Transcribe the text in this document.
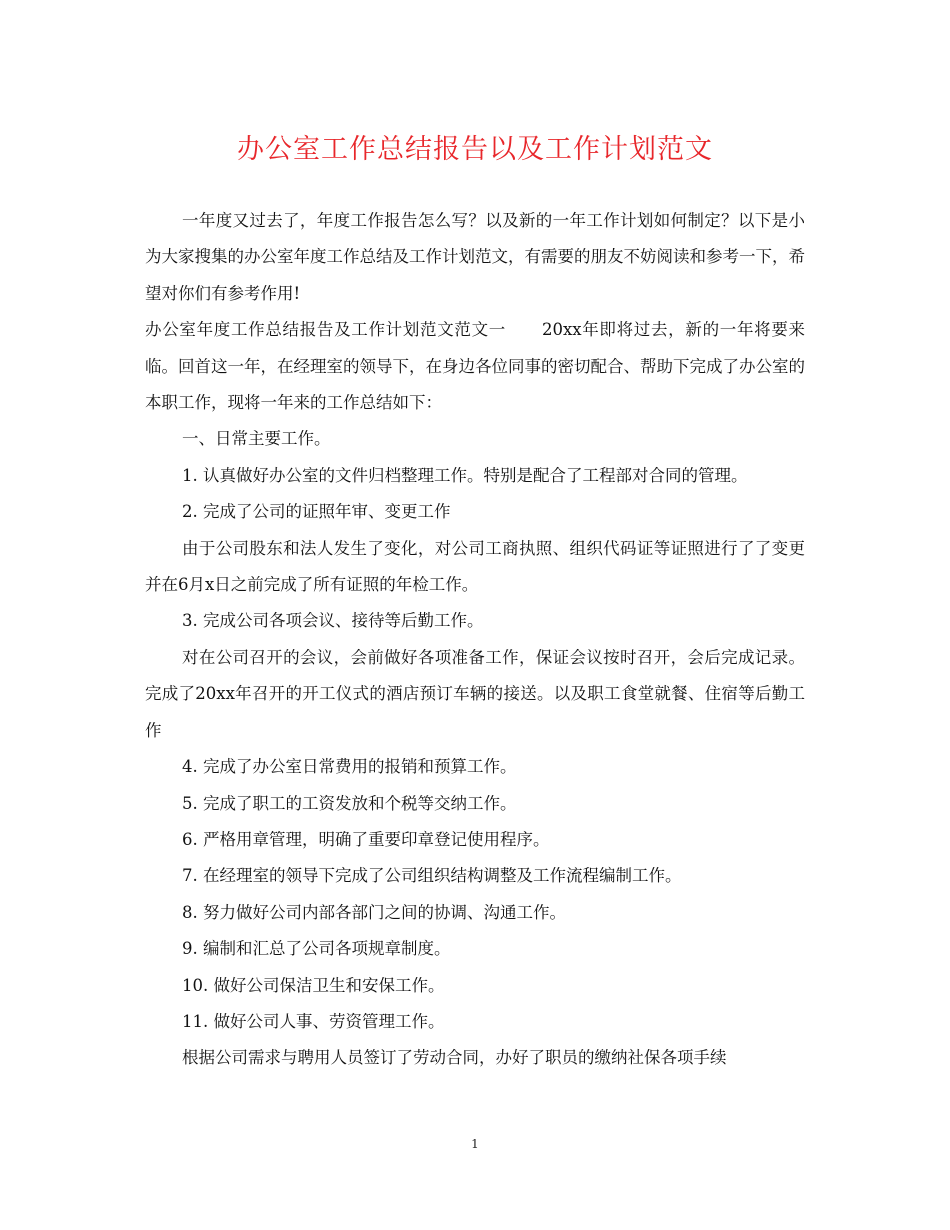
办公室工作总结报告以及工作计划范文

一年度又过去了，年度工作报告怎么写？以及新的一年工作计划如何制定？以下是小为大家搜集的办公室年度工作总结及工作计划范文，有需要的朋友不妨阅读和参考一下，希望对你们有参考作用!

办公室年度工作总结报告及工作计划范文范文一 20xx年即将过去，新的一年将要来临。回首这一年，在经理室的领导下，在身边各位同事的密切配合、帮助下完成了办公室的本职工作，现将一年来的工作总结如下：

一、日常主要工作。

1. 认真做好办公室的文件归档整理工作。特别是配合了工程部对合同的管理。

2. 完成了公司的证照年审、变更工作

由于公司股东和法人发生了变化，对公司工商执照、组织代码证等证照进行了了变更并在6月x日之前完成了所有证照的年检工作。

3. 完成公司各项会议、接待等后勤工作。

对在公司召开的会议，会前做好各项准备工作，保证会议按时召开，会后完成记录。完成了20xx年召开的开工仪式的酒店预订车辆的接送。以及职工食堂就餐、住宿等后勤工作

4. 完成了办公室日常费用的报销和预算工作。

5. 完成了职工的工资发放和个税等交纳工作。

6. 严格用章管理，明确了重要印章登记使用程序。

7. 在经理室的领导下完成了公司组织结构调整及工作流程编制工作。

8. 努力做好公司内部各部门之间的协调、沟通工作。

9. 编制和汇总了公司各项规章制度。

10. 做好公司保洁卫生和安保工作。

11. 做好公司人事、劳资管理工作。

根据公司需求与聘用人员签订了劳动合同，办好了职员的缴纳社保各项手续

1
